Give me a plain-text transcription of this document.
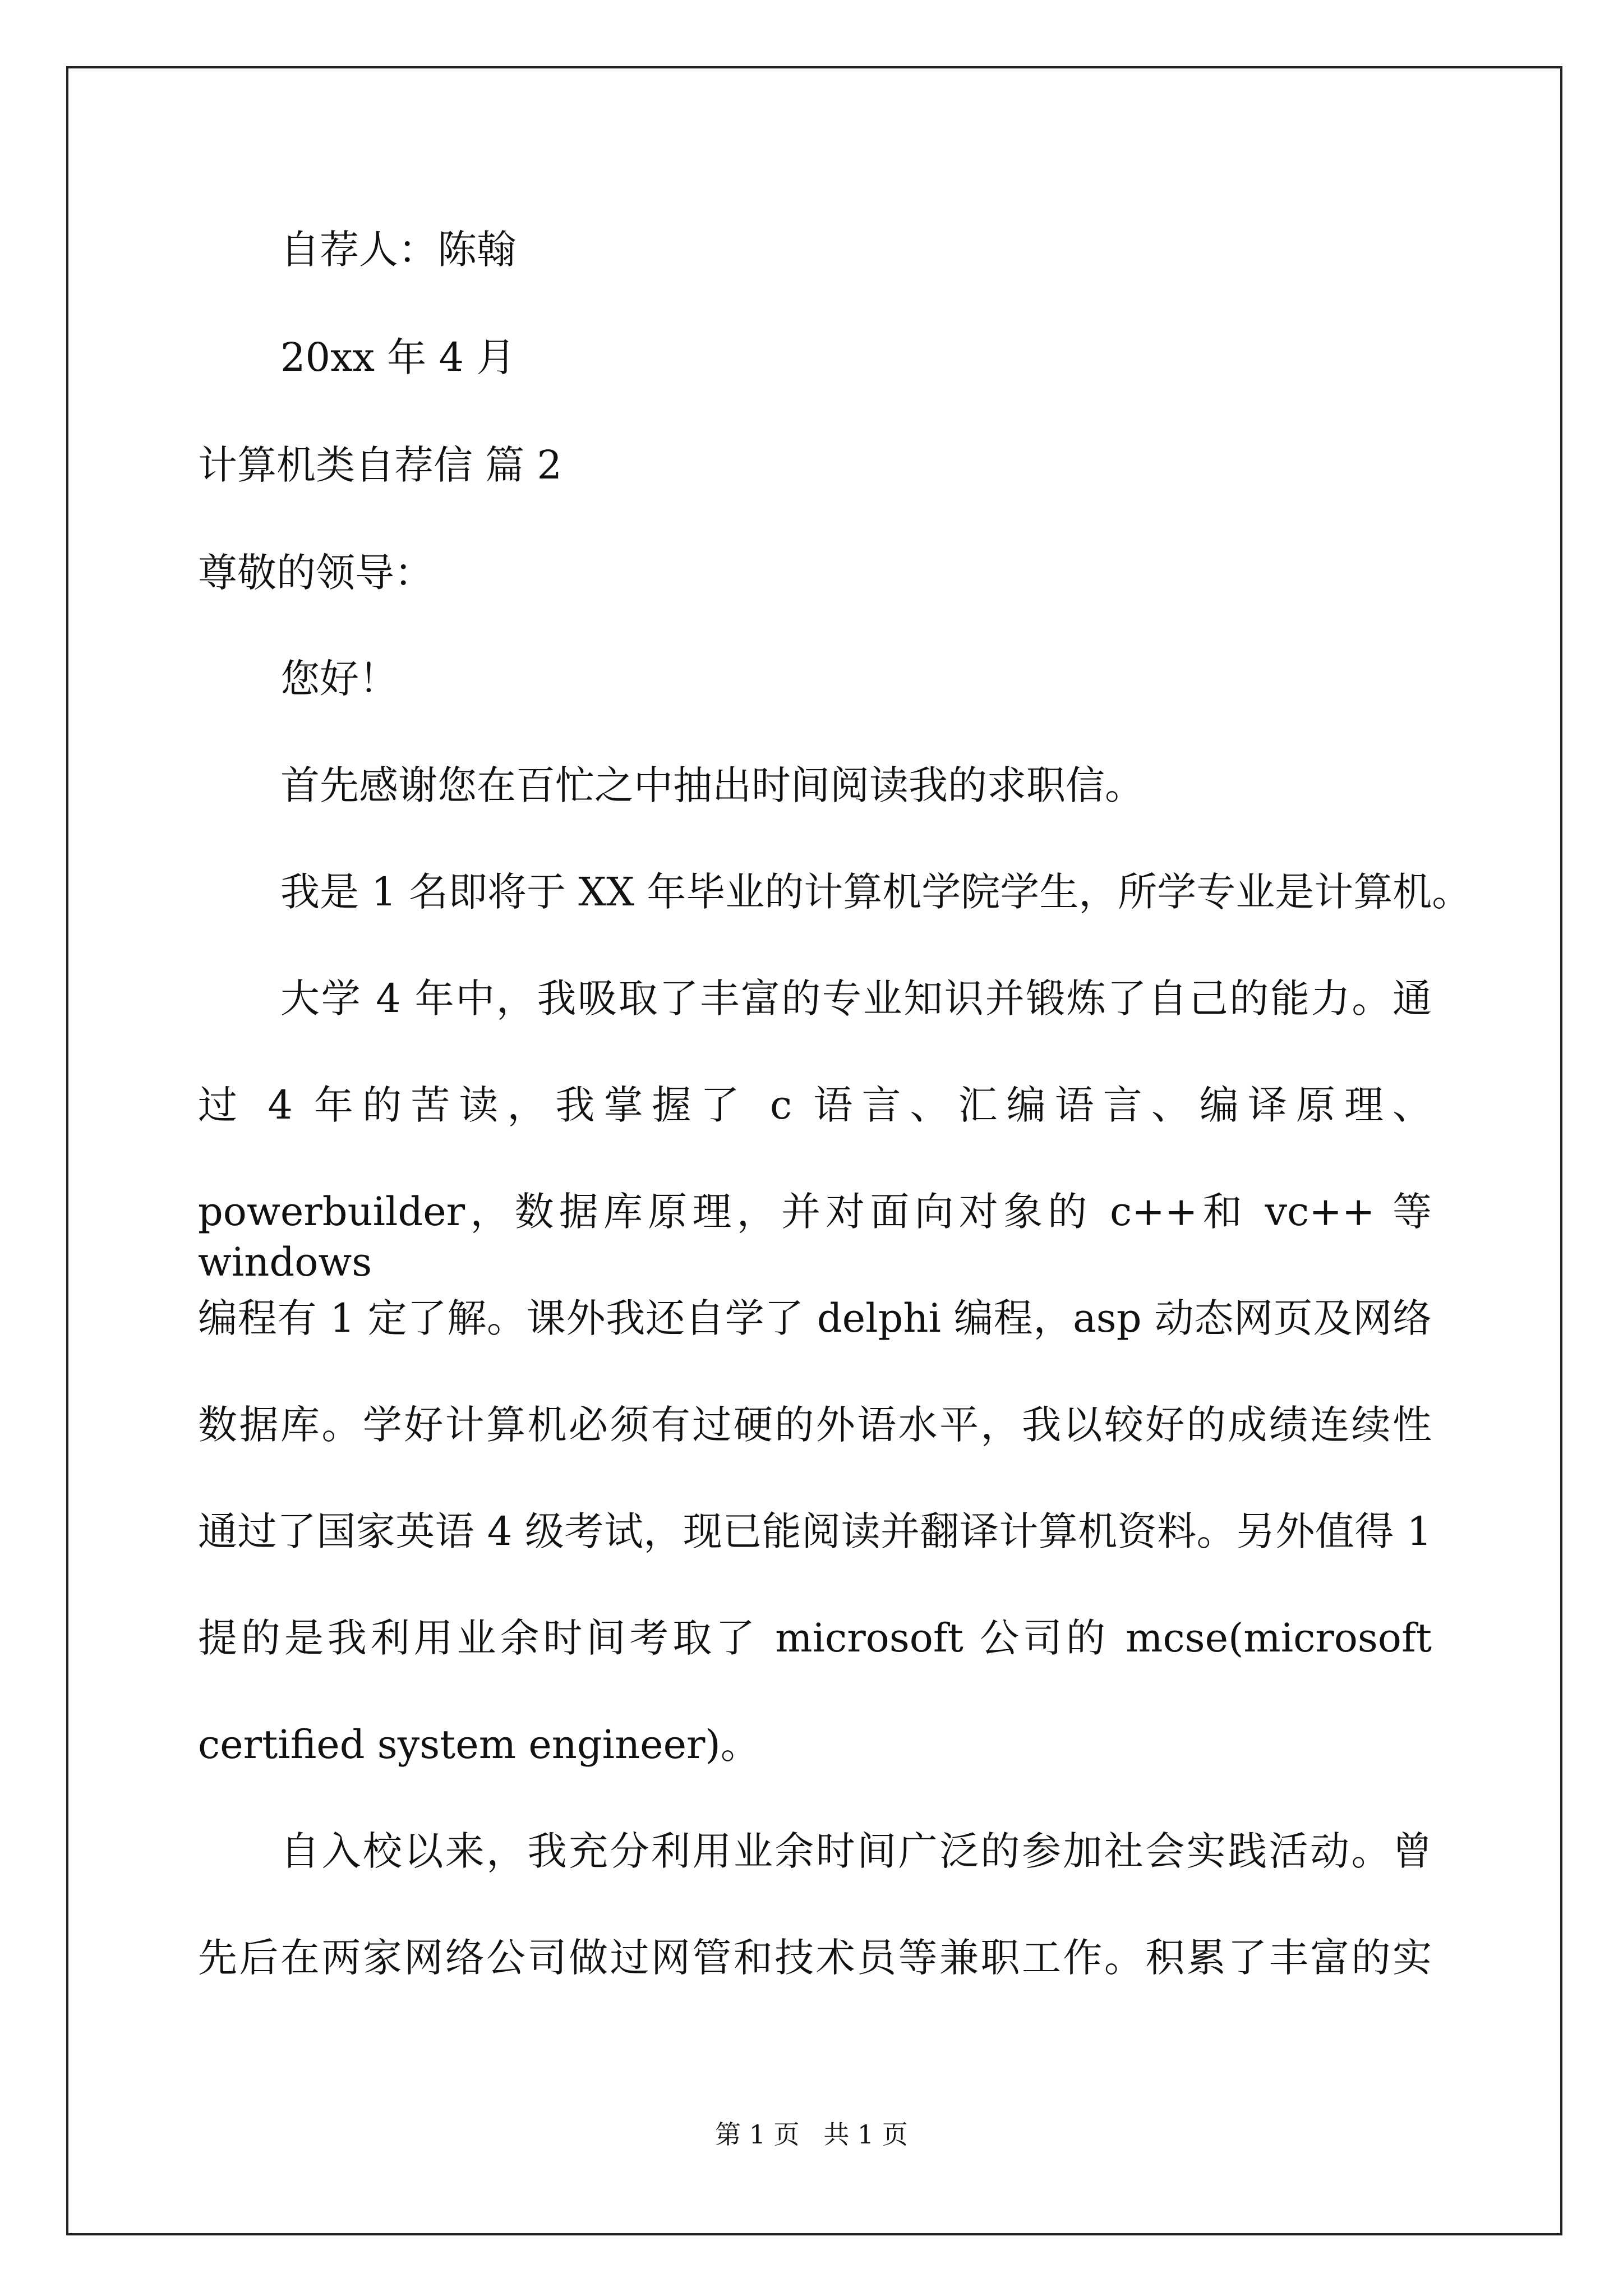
自荐人：陈翰
20xx 年 4 月
计算机类自荐信 篇 2
尊敬的领导：
您好！
首先感谢您在百忙之中抽出时间阅读我的求职信。
我是 1 名即将于 XX 年毕业的计算机学院学生，所学专业是计算机。
大学 4 年中，我吸取了丰富的专业知识并锻炼了自己的能力。通
过 4 年的苦读，我掌握了 c 语言、汇编语言、编译原理、
powerbuilder，数据库原理，并对面向对象的 c++和 vc++ 等 windows
编程有 1 定了解。课外我还自学了 delphi 编程，asp 动态网页及网络
数据库。学好计算机必须有过硬的外语水平，我以较好的成绩连续性
通过了国家英语 4 级考试，现已能阅读并翻译计算机资料。另外值得 1
提的是我利用业余时间考取了 microsoft 公司的 mcse(microsoft
certified system engineer)。
自入校以来，我充分利用业余时间广泛的参加社会实践活动。曾
先后在两家网络公司做过网管和技术员等兼职工作。积累了丰富的实
第 1 页 共 1 页
